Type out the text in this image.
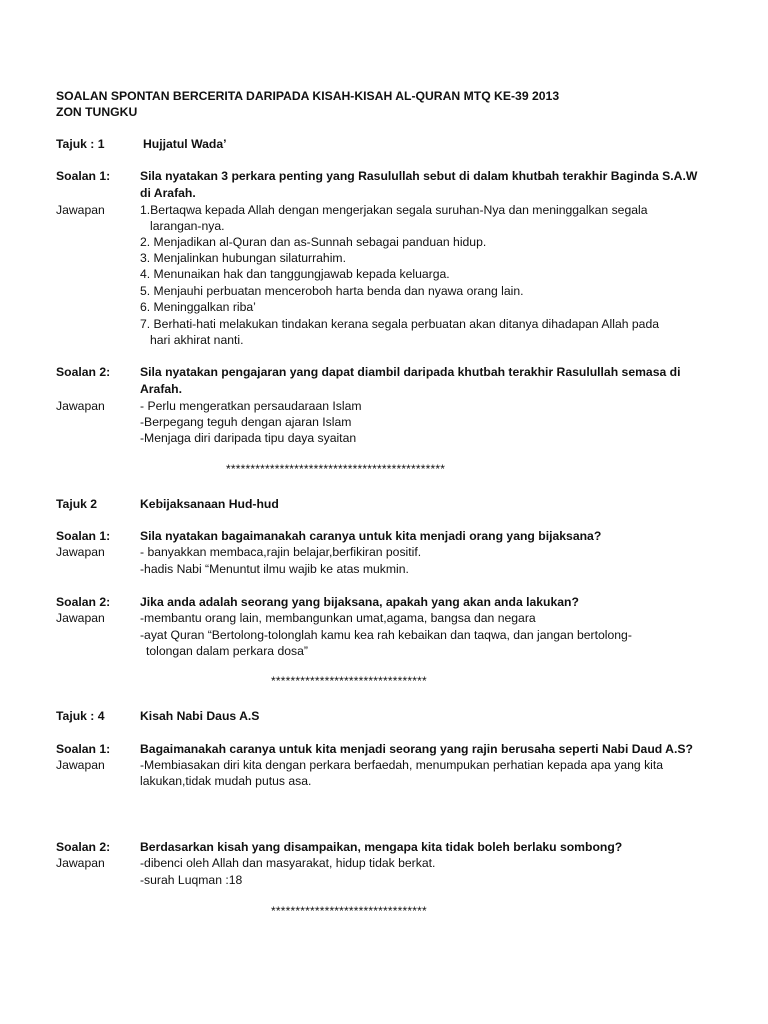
SOALAN SPONTAN BERCERITA DARIPADA KISAH-KISAH AL-QURAN MTQ KE-39 2013
ZON TUNGKU
Tajuk : 1	Hujjatul Wada’
Soalan 1: Sila nyatakan 3 perkara penting yang Rasulullah sebut di dalam khutbah terakhir Baginda S.A.W
di Arafah.
Jawapan	1.Bertaqwa kepada Allah dengan mengerjakan segala suruhan-Nya dan meninggalkan segala
larangan-nya.
2. Menjadikan al-Quran dan as-Sunnah sebagai panduan hidup.
3. Menjalinkan hubungan silaturrahim.
4. Menunaikan hak dan tanggungjawab kepada keluarga.
5. Menjauhi perbuatan menceroboh harta benda dan nyawa orang lain.
6. Meninggalkan riba’
7. Berhati-hati melakukan tindakan kerana segala perbuatan akan ditanya dihadapan Allah pada
hari akhirat nanti.
Soalan 2: Sila nyatakan pengajaran yang dapat diambil daripada khutbah terakhir Rasulullah semasa di
Arafah.
Jawapan	- Perlu mengeratkan persaudaraan Islam
-Berpegang teguh dengan ajaran Islam
-Menjaga diri daripada tipu daya syaitan
*********************************************
Tajuk 2	Kebijaksanaan Hud-hud
Soalan 1: Sila nyatakan bagaimanakah caranya untuk kita menjadi orang yang bijaksana?
Jawapan	- banyakkan membaca,rajin belajar,berfikiran positif.
-hadis Nabi “Menuntut ilmu wajib ke atas mukmin.
Soalan 2: Jika anda adalah seorang yang bijaksana, apakah yang akan anda lakukan?
Jawapan	-membantu orang lain, membangunkan umat,agama, bangsa dan negara
-ayat Quran “Bertolong-tolonglah kamu kea rah kebaikan dan taqwa, dan jangan bertolong-
tolongan dalam perkara dosa”
********************************
Tajuk : 4	Kisah Nabi Daus A.S
Soalan 1: Bagaimanakah caranya untuk kita menjadi seorang yang rajin berusaha seperti Nabi Daud A.S?
Jawapan	-Membiasakan diri kita dengan perkara berfaedah, menumpukan perhatian kepada apa yang kita
lakukan,tidak mudah putus asa.
Soalan 2: Berdasarkan kisah yang disampaikan, mengapa kita tidak boleh berlaku sombong?
Jawapan	-dibenci oleh Allah dan masyarakat, hidup tidak berkat.
-surah Luqman :18
********************************
